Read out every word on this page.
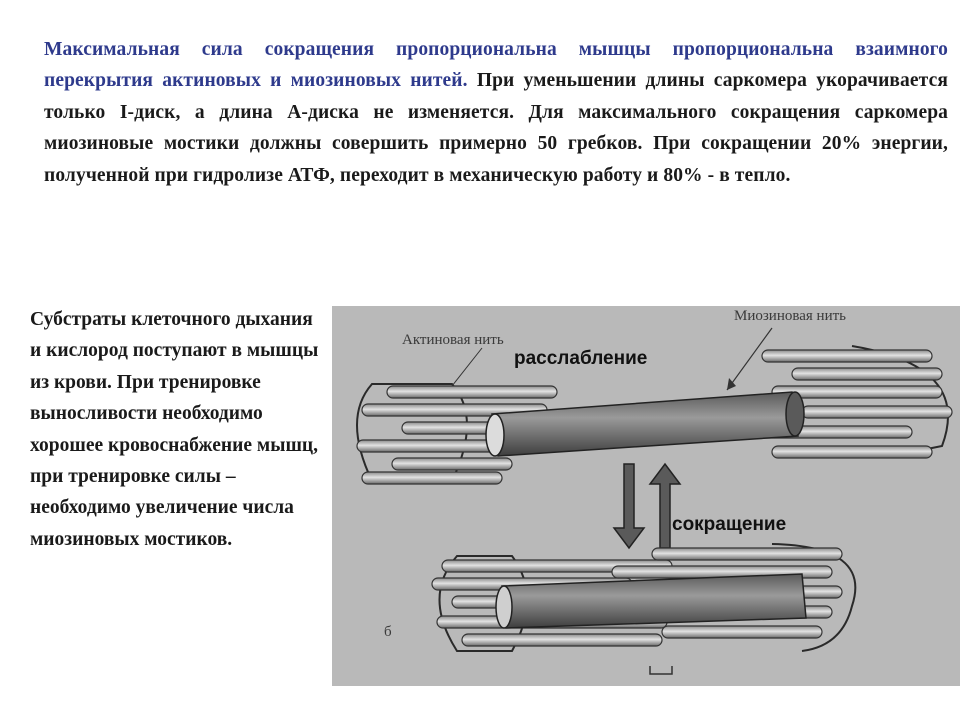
Максимальная сила сокращения пропорциональна мышцы пропорциональна взаимного перекрытия актиновых и миозиновых нитей. При уменьшении длины саркомера укорачивается только I-диск, а длина А-диска не изменяется. Для максимального сокращения саркомера миозиновые мостики должны совершить примерно 50 гребков. При сокращении 20% энергии, полученной при гидролизе АТФ, переходит в механическую работу и 80% - в тепло.
Субстраты клеточного дыхания и кислород поступают в мышцы из крови. При тренировке выносливости необходимо хорошее кровоснабжение мышц, при тренировке силы – необходимо увеличение числа миозиновых мостиков.
Актиновая нить
Миозиновая нить
расслабление
сокращение
б
